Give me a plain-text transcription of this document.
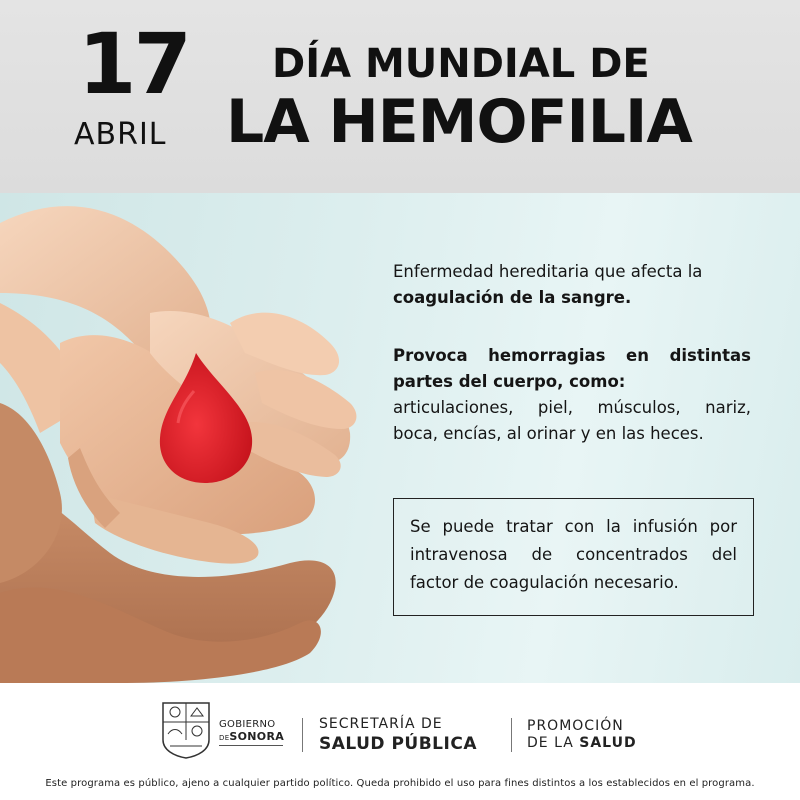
17
ABRIL
DÍA MUNDIAL DE
LA HEMOFILIA
Enfermedad hereditaria que afecta la
coagulación de la sangre.
Provoca hemorragias en distintas
partes del cuerpo, como:
articulaciones, piel, músculos, nariz,
boca, encías, al orinar y en las heces.
Se puede tratar con la infusión por
intravenosa de concentrados del
factor de coagulación necesario.
GOBIERNO
DESONORA
SECRETARÍA DE
SALUD PÚBLICA
PROMOCIÓN
DE LA SALUD
Este programa es público, ajeno a cualquier partido político. Queda prohibido el uso para fines distintos a los establecidos en el programa.
